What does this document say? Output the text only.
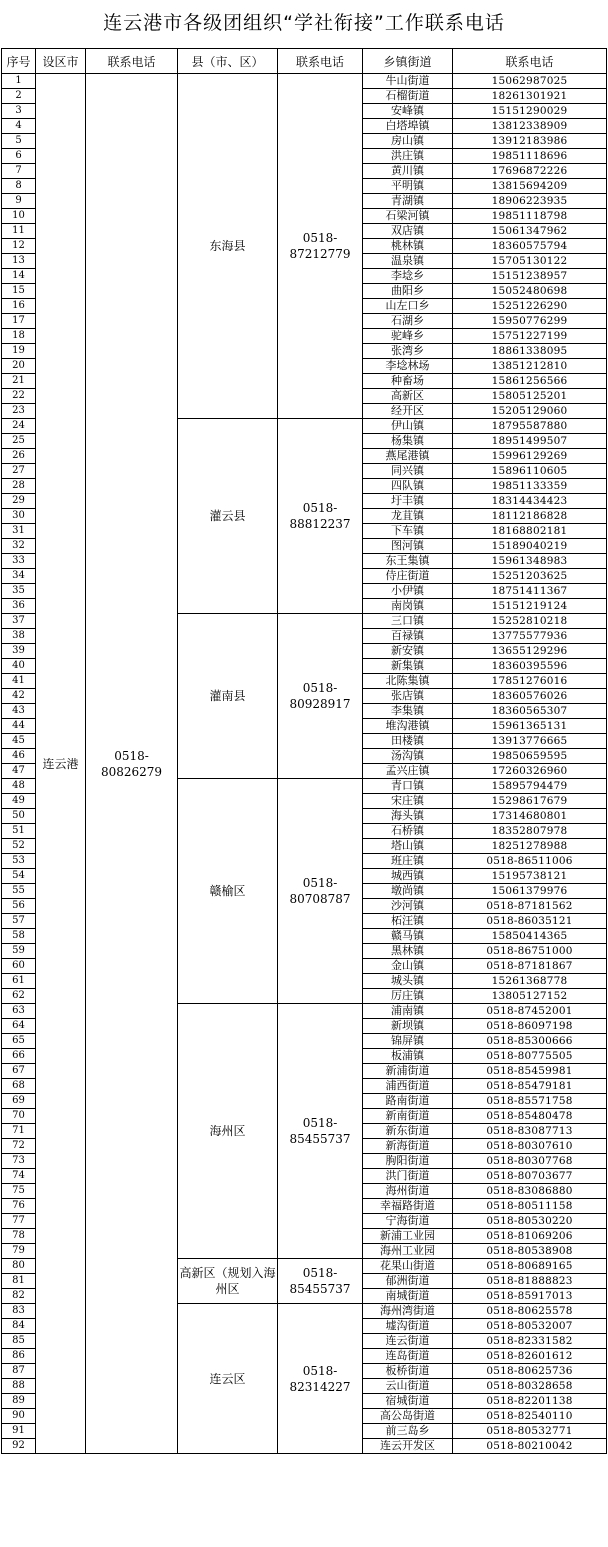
连云港市各级团组织“学社衔接”工作联系电话
序号	设区市	联系电话	县（市、区）	联系电话	乡镇街道	联系电话
1	连云港	0518-80826279	东海县	0518-87212779	牛山街道	15062987025
2					石榴街道	18261301921
3					安峰镇	15151290029
4					白塔埠镇	13812338909
5					房山镇	13912183986
6					洪庄镇	19851118696
7					黄川镇	17696872226
8					平明镇	13815694209
9					青湖镇	18906223935
10					石梁河镇	19851118798
11					双店镇	15061347962
12					桃林镇	18360575794
13					温泉镇	15705130122
14					李埝乡	15151238957
15					曲阳乡	15052480698
16					山左口乡	15251226290
17					石湖乡	15950776299
18					驼峰乡	15751227199
19					张湾乡	18861338095
20					李埝林场	13851212810
21					种畜场	15861256566
22					高新区	15805125201
23					经开区	15205129060
24			灌云县	0518-88812237	伊山镇	18795587880
25					杨集镇	18951499507
26					燕尾港镇	15996129269
27					同兴镇	15896110605
28					四队镇	19851133359
29					圩丰镇	18314434423
30					龙苴镇	18112186828
31					下车镇	18168802181
32					图河镇	15189040219
33					东王集镇	15961348983
34					侍庄街道	15251203625
35					小伊镇	18751411367
36					南岗镇	15151219124
37			灌南县	0518-80928917	三口镇	15252810218
38					百禄镇	13775577936
39					新安镇	13655129296
40					新集镇	18360395596
41					北陈集镇	17851276016
42					张店镇	18360576026
43					李集镇	18360565307
44					堆沟港镇	15961365131
45					田楼镇	13913776665
46					汤沟镇	19850659595
47					孟兴庄镇	17260326960
48			赣榆区	0518-80708787	青口镇	15895794479
49					宋庄镇	15298617679
50					海头镇	17314680801
51					石桥镇	18352807978
52					塔山镇	18251278988
53					班庄镇	0518-86511006
54					城西镇	15195738121
55					墩尚镇	15061379976
56					沙河镇	0518-87181562
57					柘汪镇	0518-86035121
58					赣马镇	15850414365
59					黑林镇	0518-86751000
60					金山镇	0518-87181867
61					城头镇	15261368778
62					厉庄镇	13805127152
63			海州区	0518-85455737	浦南镇	0518-87452001
64					新坝镇	0518-86097198
65					锦屏镇	0518-85300666
66					板浦镇	0518-80775505
67					新浦街道	0518-85459981
68					浦西街道	0518-85479181
69					路南街道	0518-85571758
70					新南街道	0518-85480478
71					新东街道	0518-83087713
72					新海街道	0518-80307610
73					朐阳街道	0518-80307768
74					洪门街道	0518-80703677
75					海州街道	0518-83086880
76					幸福路街道	0518-80511158
77					宁海街道	0518-80530220
78					新浦工业园	0518-81069206
79					海州工业园	0518-80538908
80			高新区（规划入海州区	0518-85455737	花果山街道	0518-80689165
81					郁洲街道	0518-81888823
82					南城街道	0518-85917013
83			连云区	0518-82314227	海州湾街道	0518-80625578
84					墟沟街道	0518-80532007
85					连云街道	0518-82331582
86					连岛街道	0518-82601612
87					板桥街道	0518-80625736
88					云山街道	0518-80328658
89					宿城街道	0518-82201138
90					高公岛街道	0518-82540110
91					前三岛乡	0518-80532771
92					连云开发区	0518-80210042
